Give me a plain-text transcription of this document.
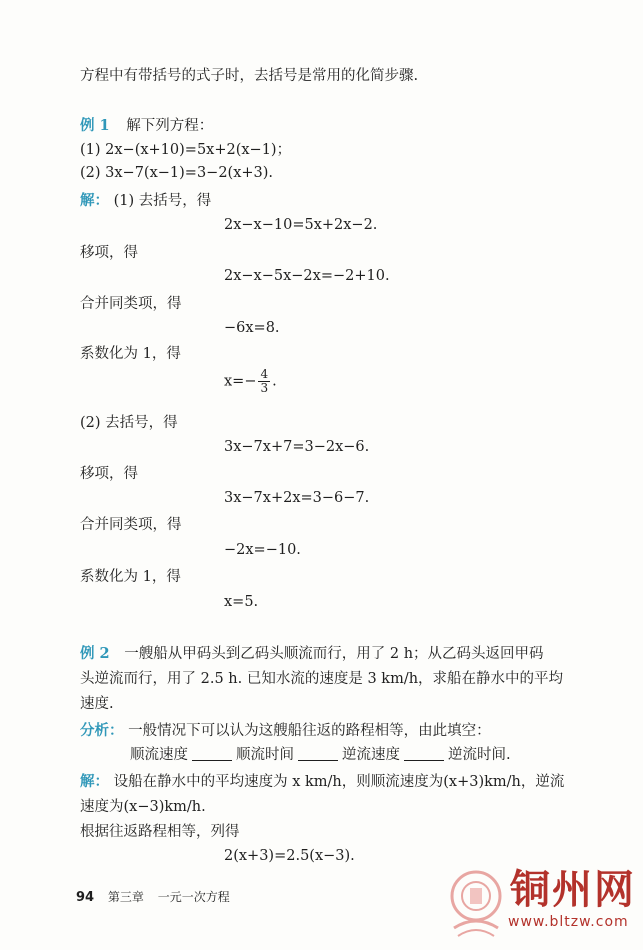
方程中有带括号的式子时，去括号是常用的化简步骤.
例 1 解下列方程：
(1) 2x−(x+10)=5x+2(x−1)；
(2) 3x−7(x−1)=3−2(x+3).
解： (1) 去括号，得
2x−x−10=5x+2x−2.
移项，得
2x−x−5x−2x=−2+10.
合并同类项，得
−6x=8.
系数化为 1，得
$x=- \frac{4}{3}$ .
(2) 去括号，得
3x−7x+7=3−2x−6.
移项，得
3x−7x+2x=3−6−7.
合并同类项，得
−2x=−10.
系数化为 1，得
x=5.
例 2 一艘船从甲码头到乙码头顺流而行，用了 2 h；从乙码头返回甲码
头逆流而行，用了 2.5 h. 已知水流的速度是 3 km/h，求船在静水中的平均
速度.
分析： 一般情况下可以认为这艘船往返的路程相等，由此填空：
顺流速度	顺流时间	逆流速度	逆流时间.
解： 设船在静水中的平均速度为 x km/h，则顺流速度为(x+3)km/h，逆流
速度为(x−3)km/h.
根据往返路程相等，列得
2(x+3)=2.5(x−3).
94 第三章 一元一次方程	铜州网
www.bltzw.com
